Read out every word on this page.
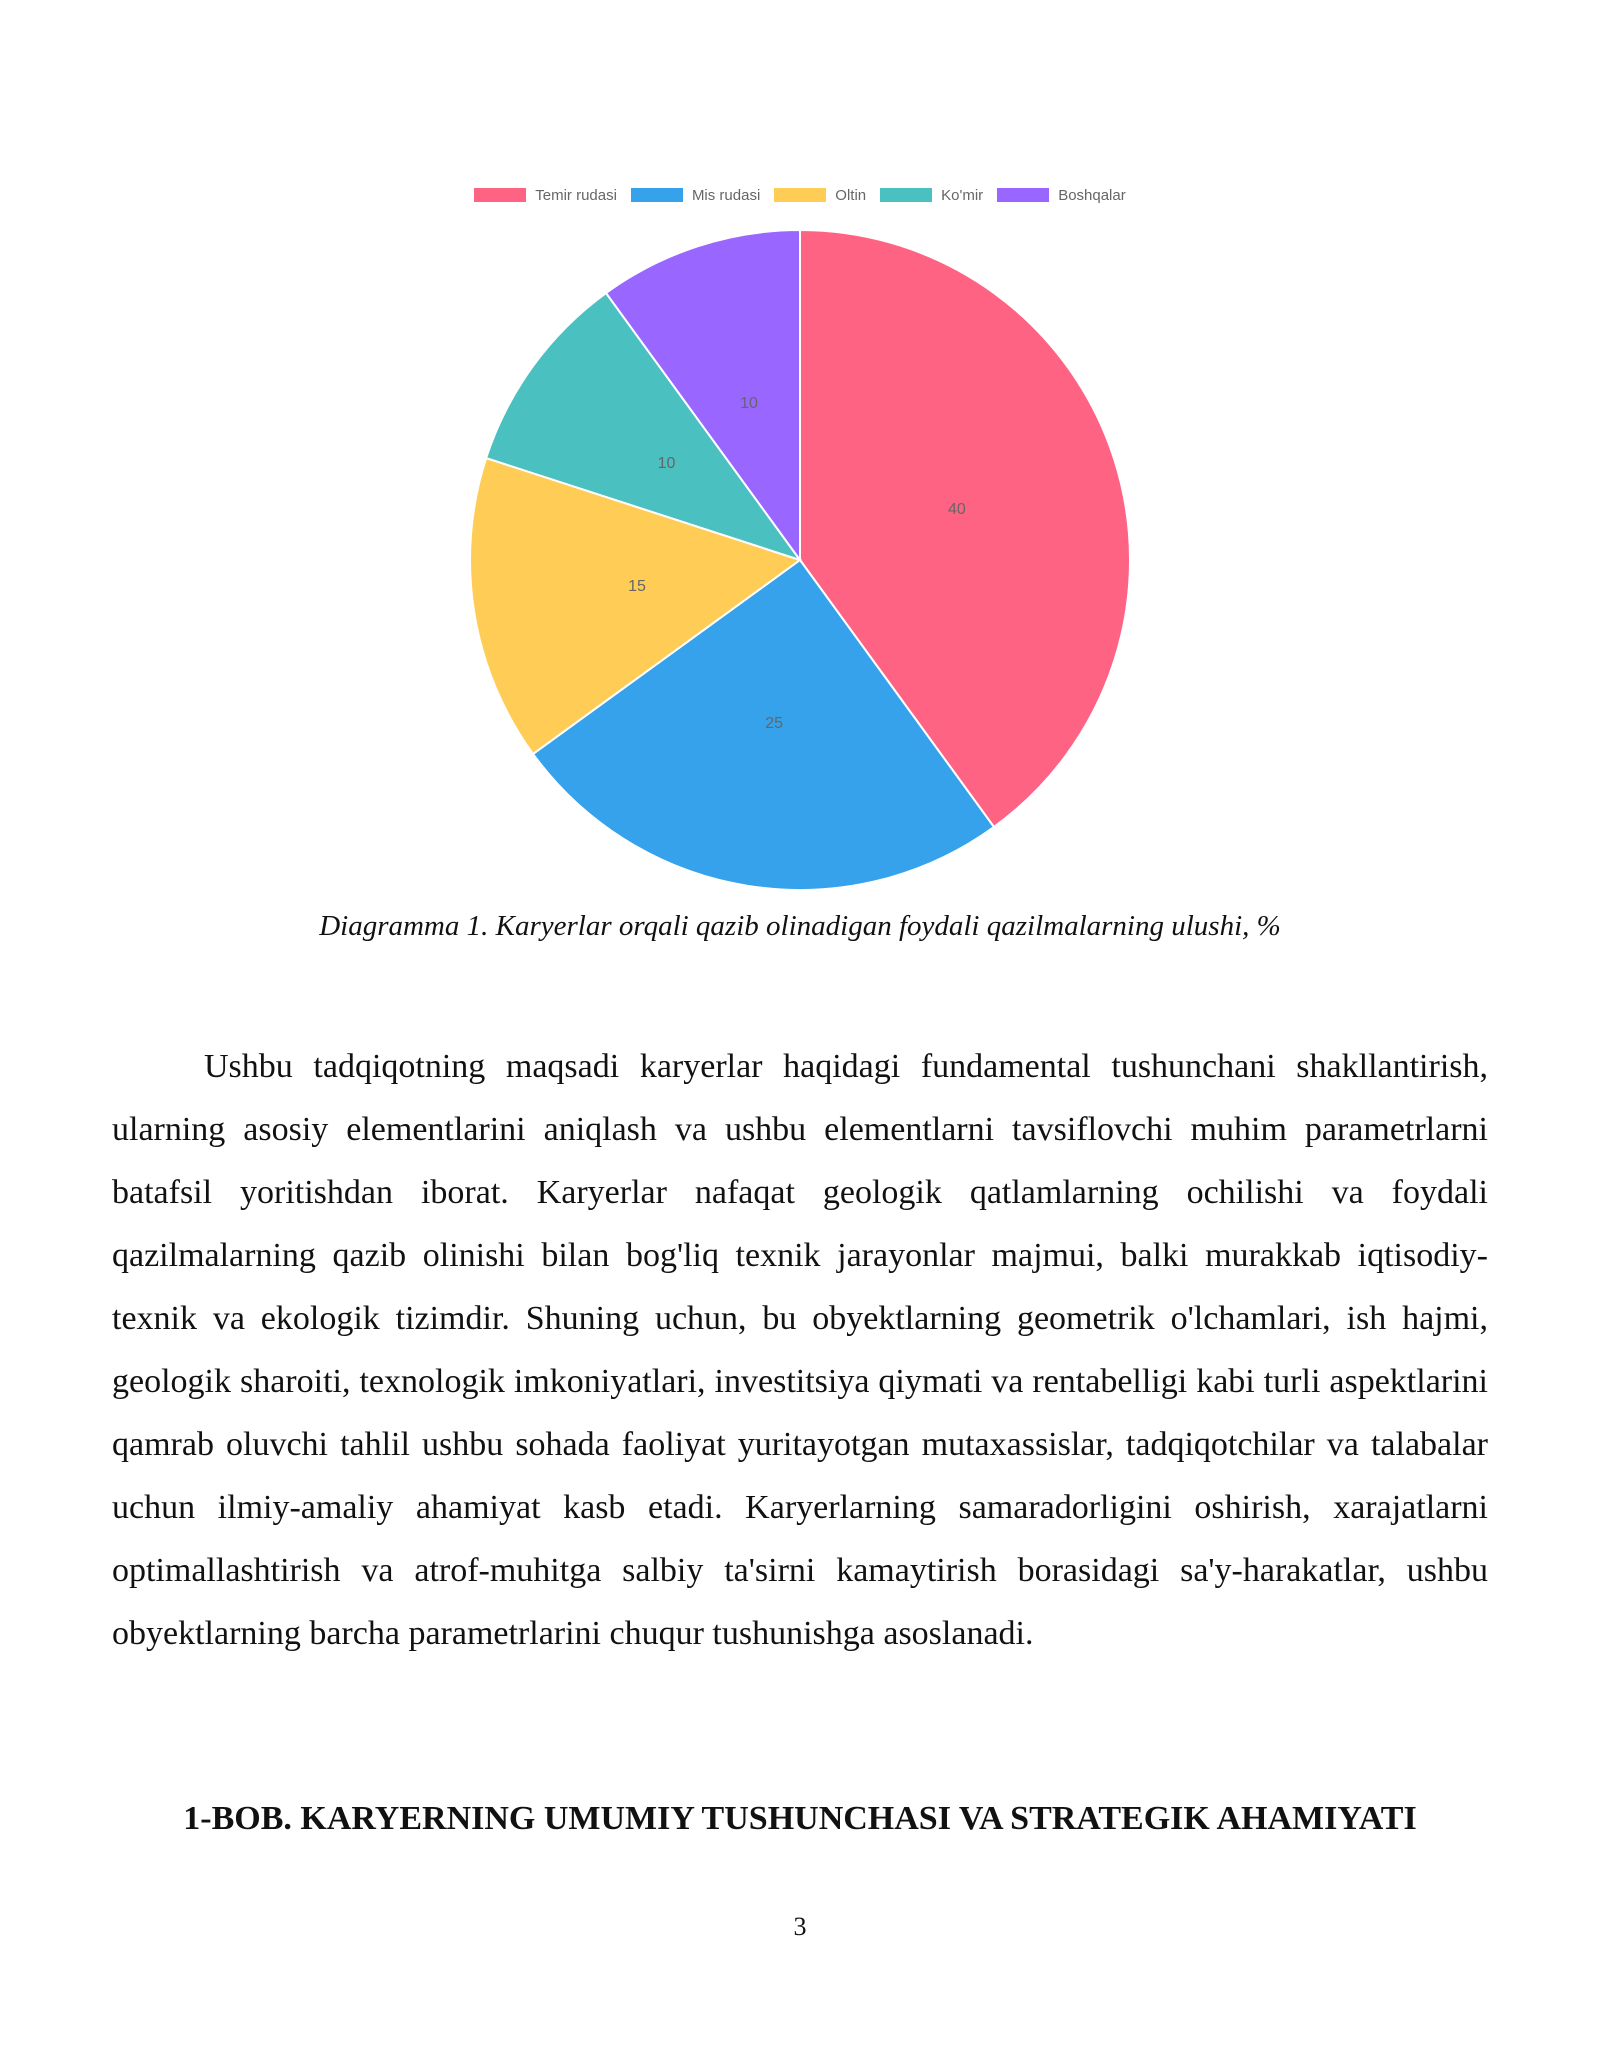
Temir rudasi	Mis rudasi	Oltin	Ko'mir	Boshqalar
40
25
15
10
10
Diagramma 1. Karyerlar orqali qazib olinadigan foydali qazilmalarning ulushi, %

Ushbu tadqiqotning maqsadi karyerlar haqidagi fundamental tushunchani shakllantirish, ularning asosiy elementlarini aniqlash va ushbu elementlarni tavsiflovchi muhim parametrlarni batafsil yoritishdan iborat. Karyerlar nafaqat geologik qatlamlarning ochilishi va foydali qazilmalarning qazib olinishi bilan bog'liq texnik jarayonlar majmui, balki murakkab iqtisodiy-texnik va ekologik tizimdir. Shuning uchun, bu obyektlarning geometrik o'lchamlari, ish hajmi, geologik sharoiti, texnologik imkoniyatlari, investitsiya qiymati va rentabelligi kabi turli aspektlarini qamrab oluvchi tahlil ushbu sohada faoliyat yuritayotgan mutaxassislar, tadqiqotchilar va talabalar uchun ilmiy-amaliy ahamiyat kasb etadi. Karyerlarning samaradorligini oshirish, xarajatlarni optimallashtirish va atrof-muhitga salbiy ta'sirni kamaytirish borasidagi sa'y-harakatlar, ushbu obyektlarning barcha parametrlarini chuqur tushunishga asoslanadi.

1-BOB. KARYERNING UMUMIY TUSHUNCHASI VA STRATEGIK AHAMIYATI
3
